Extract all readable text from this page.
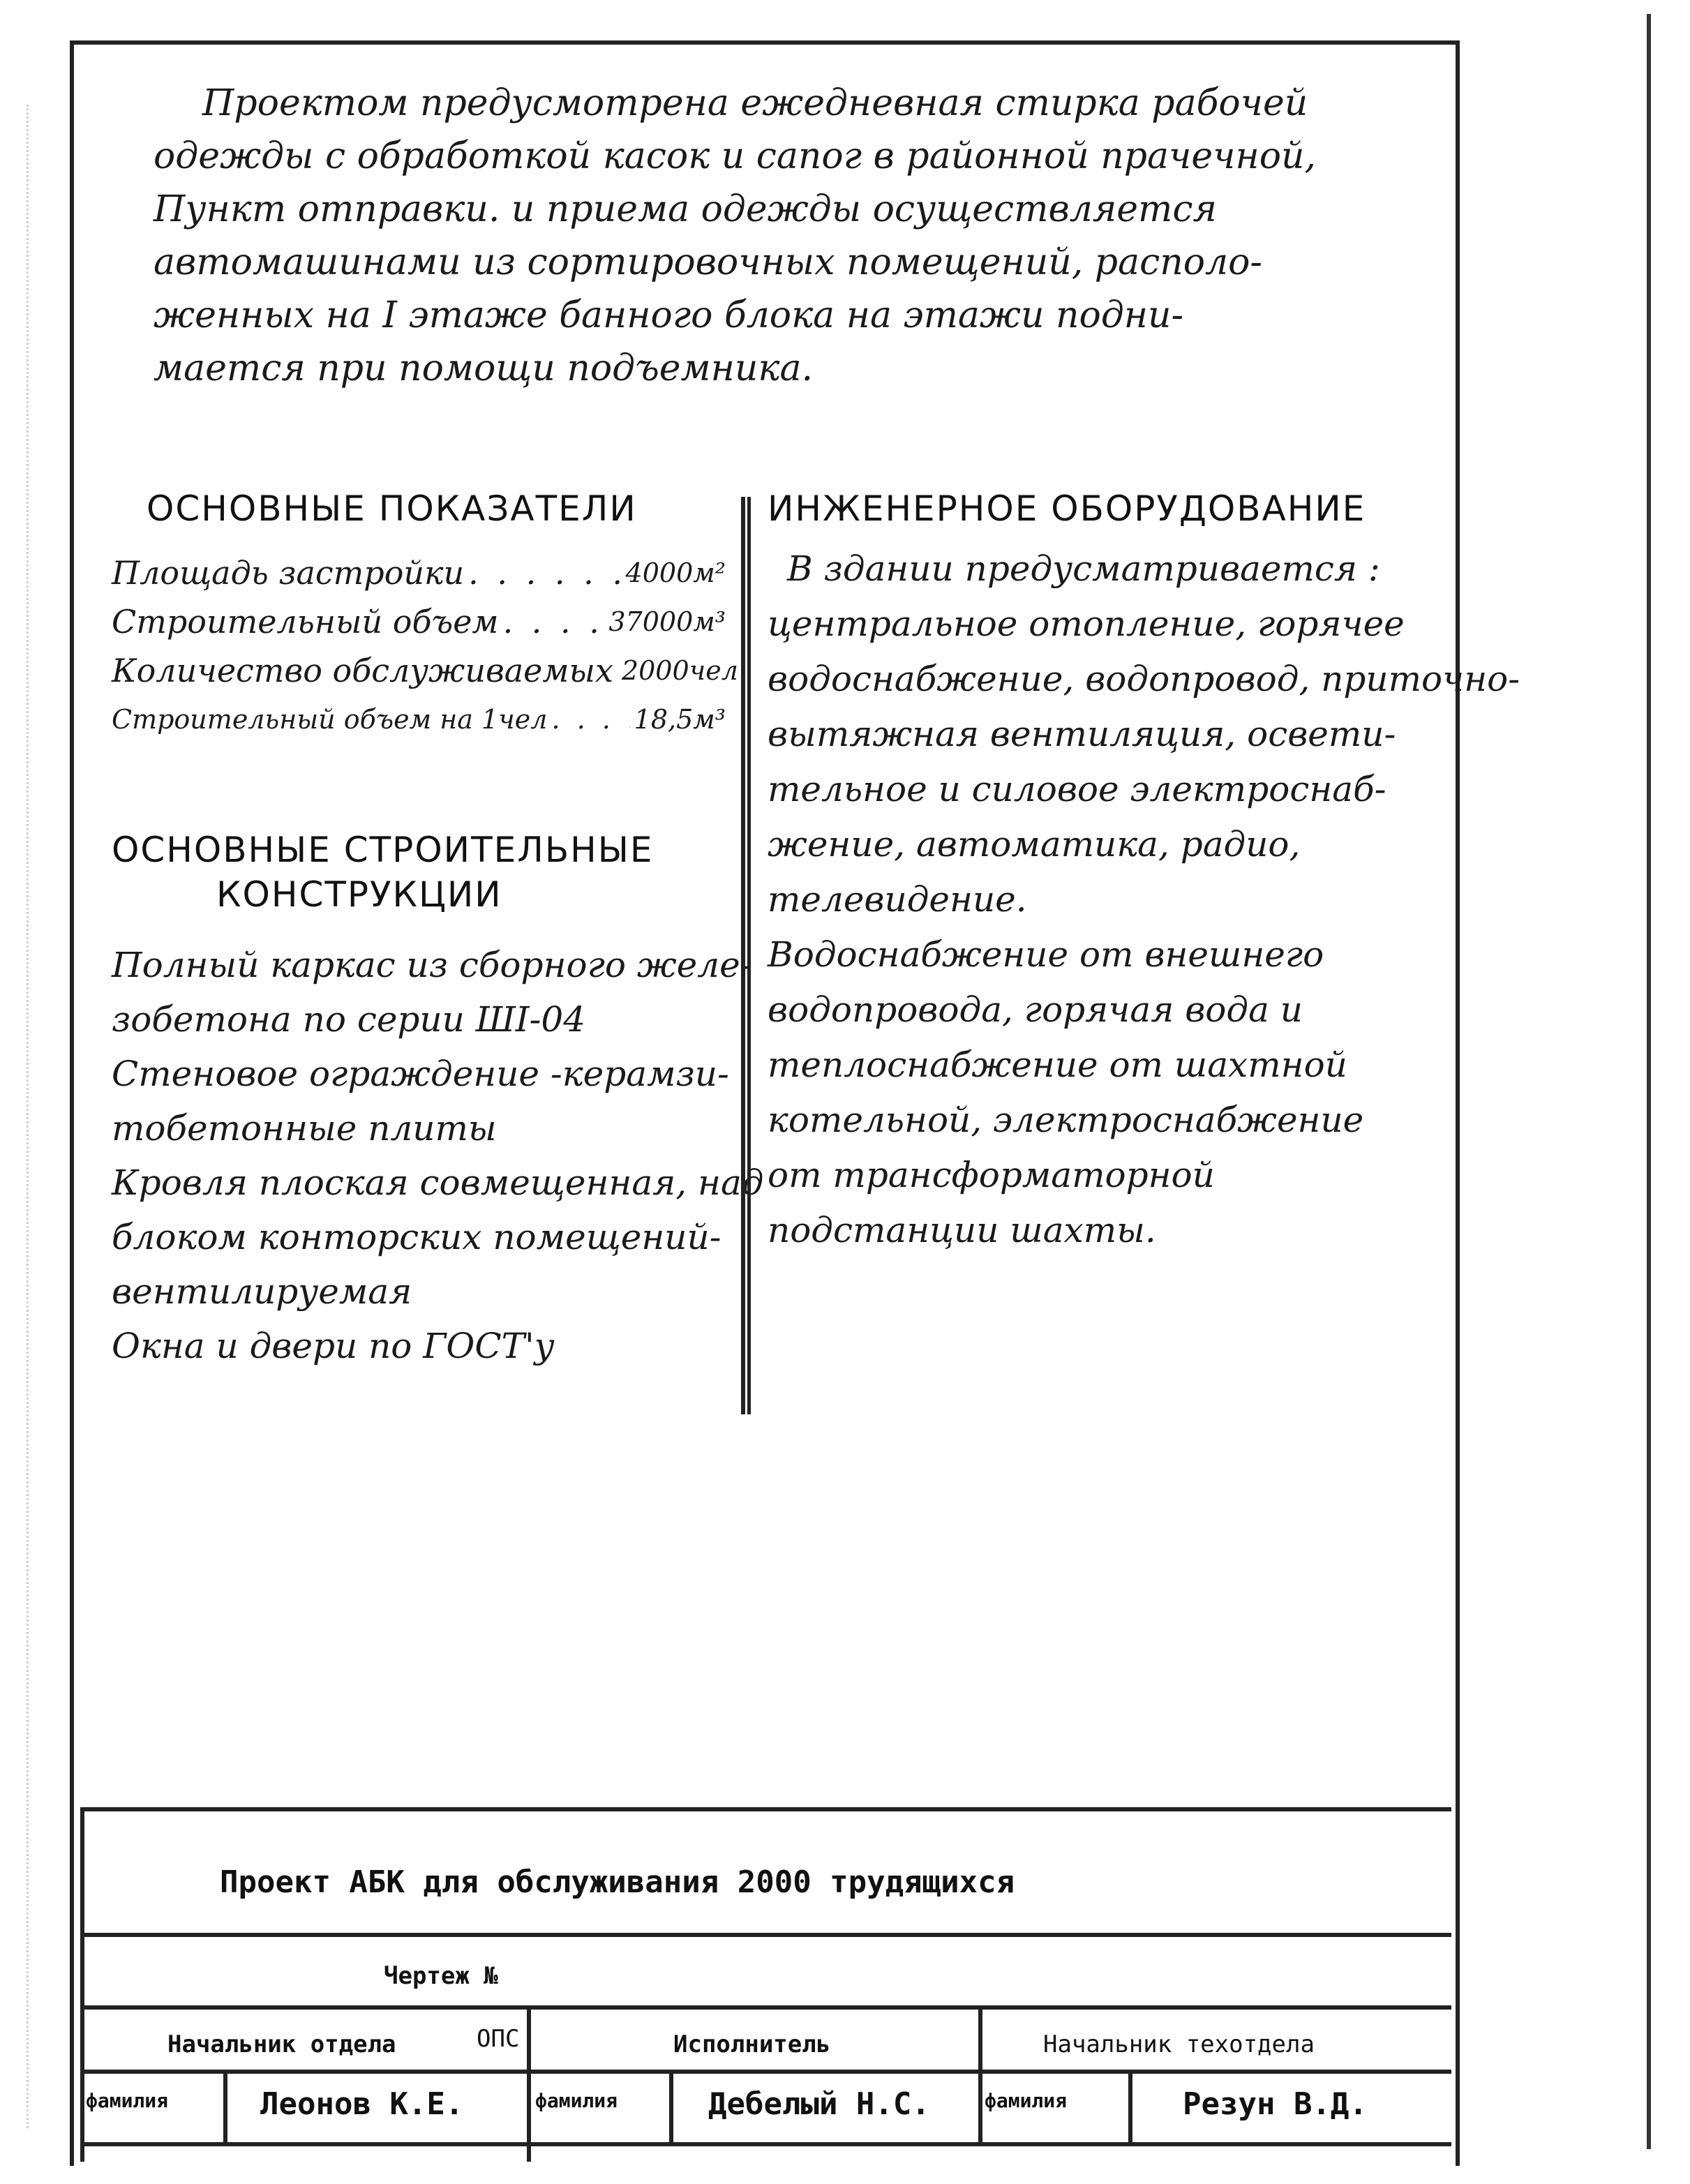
Проектом предусмотрена ежедневная стирка рабочей

одежды с обработкой касок и сапог в районной прачечной,

Пункт отправки. и приема одежды осуществляется

автомашинами из сортировочных помещений, располо-

женных на I этаже банного блока на этажи подни-

мается при помощи подъемника.

ОСНОВНЫЕ ПОКАЗАТЕЛИ
Площадь застройки . . .	4000м²
Строительный объем . . .	37000м³
Количество обслуживаемых 2000чел
Строительный объем на 1чел . . .	18,5м³
ОСНОВНЫЕ СТРОИТЕЛЬНЫЕ
КОНСТРУКЦИИ

Полный каркас из сборного желе-

зобетона по серии ШI-04

Стеновое ограждение -керамзи-

тобетонные плиты

Кровля плоская совмещенная, над

блоком конторских помещений-

вентилируемая

Окна и двери по ГОСТ'у

ИНЖЕНЕРНОЕ ОБОРУДОВАНИЕ

В здании предусматривается :

центральное отопление, горячее

водоснабжение, водопровод, приточно-

вытяжная вентиляция, освети-

тельное и силовое электроснаб-

жение, автоматика, радио,

телевидение.

Водоснабжение от внешнего

водопровода, горячая вода и

теплоснабжение от шахтной

котельной, электроснабжение

от трансформаторной

подстанции шахты.

Проект АБК для обслуживания 2000 трудящихся
Чертеж №
Начальник отдела	ОПС	Исполнитель	Начальник техотдела
фамилия	Леонов К.Е.	фамилия	Дебелый Н.С.	фамилия	Резун В.Д.
